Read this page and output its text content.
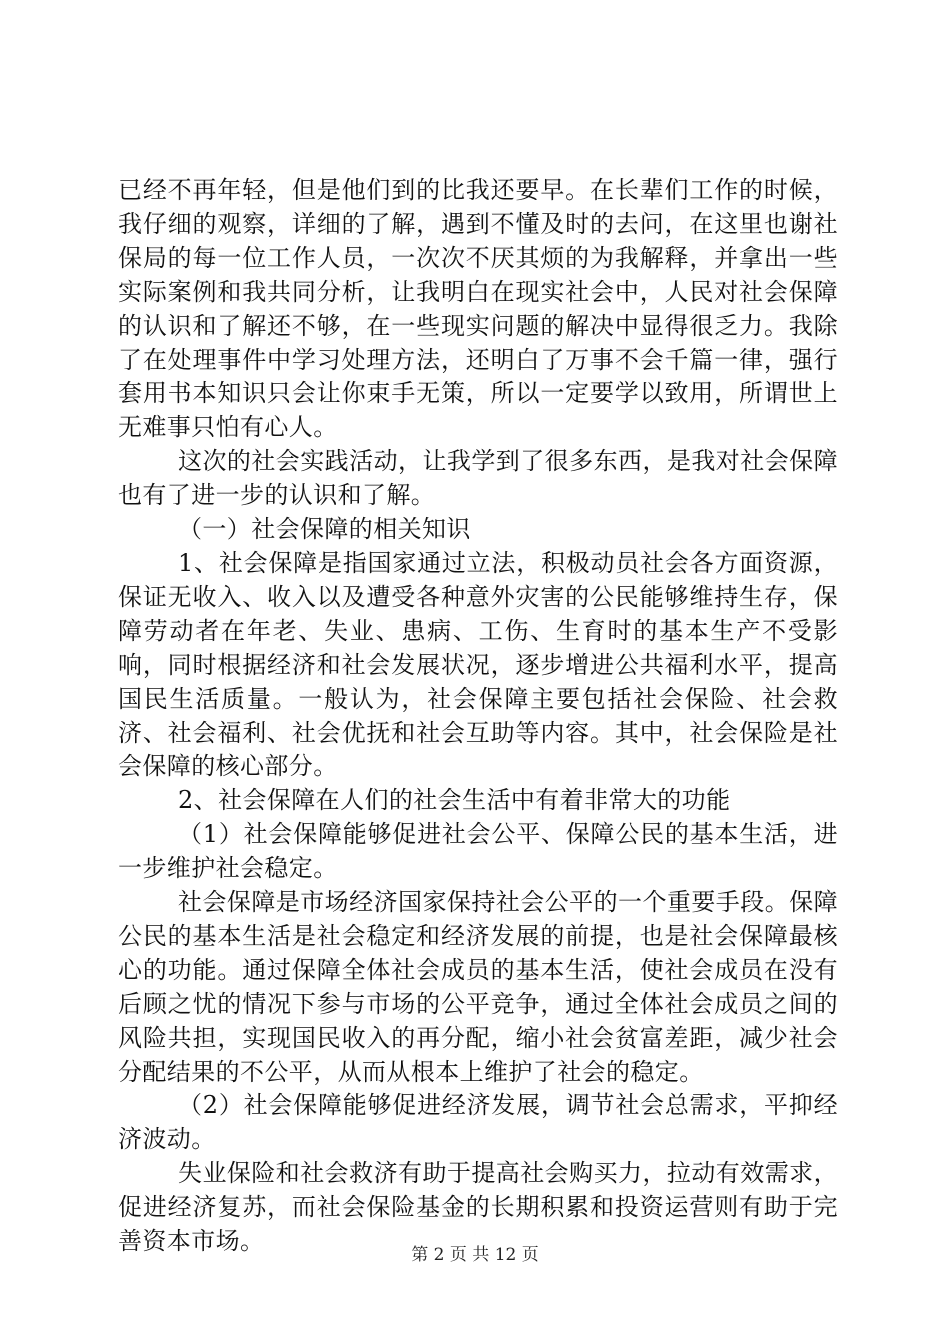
已经不再年轻，但是他们到的比我还要早。在长辈们工作的时候，我仔细的观察，详细的了解，遇到不懂及时的去问，在这里也谢社保局的每一位工作人员，一次次不厌其烦的为我解释，并拿出一些实际案例和我共同分析，让我明白在现实社会中，人民对社会保障的认识和了解还不够，在一些现实问题的解决中显得很乏力。我除了在处理事件中学习处理方法，还明白了万事不会千篇一律，强行套用书本知识只会让你束手无策，所以一定要学以致用，所谓世上无难事只怕有心人。

这次的社会实践活动，让我学到了很多东西，是我对社会保障也有了进一步的认识和了解。

（一）社会保障的相关知识

1、社会保障是指国家通过立法，积极动员社会各方面资源，保证无收入、收入以及遭受各种意外灾害的公民能够维持生存，保障劳动者在年老、失业、患病、工伤、生育时的基本生产不受影响，同时根据经济和社会发展状况，逐步增进公共福利水平，提高国民生活质量。一般认为，社会保障主要包括社会保险、社会救济、社会福利、社会优抚和社会互助等内容。其中，社会保险是社会保障的核心部分。

2、社会保障在人们的社会生活中有着非常大的功能

（1）社会保障能够促进社会公平、保障公民的基本生活，进一步维护社会稳定。

社会保障是市场经济国家保持社会公平的一个重要手段。保障公民的基本生活是社会稳定和经济发展的前提，也是社会保障最核心的功能。通过保障全体社会成员的基本生活，使社会成员在没有后顾之忧的情况下参与市场的公平竞争，通过全体社会成员之间的风险共担，实现国民收入的再分配，缩小社会贫富差距，减少社会分配结果的不公平，从而从根本上维护了社会的稳定。

（2）社会保障能够促进经济发展，调节社会总需求，平抑经济波动。

失业保险和社会救济有助于提高社会购买力，拉动有效需求，促进经济复苏，而社会保险基金的长期积累和投资运营则有助于完善资本市场。	第 2 页 共 12 页
